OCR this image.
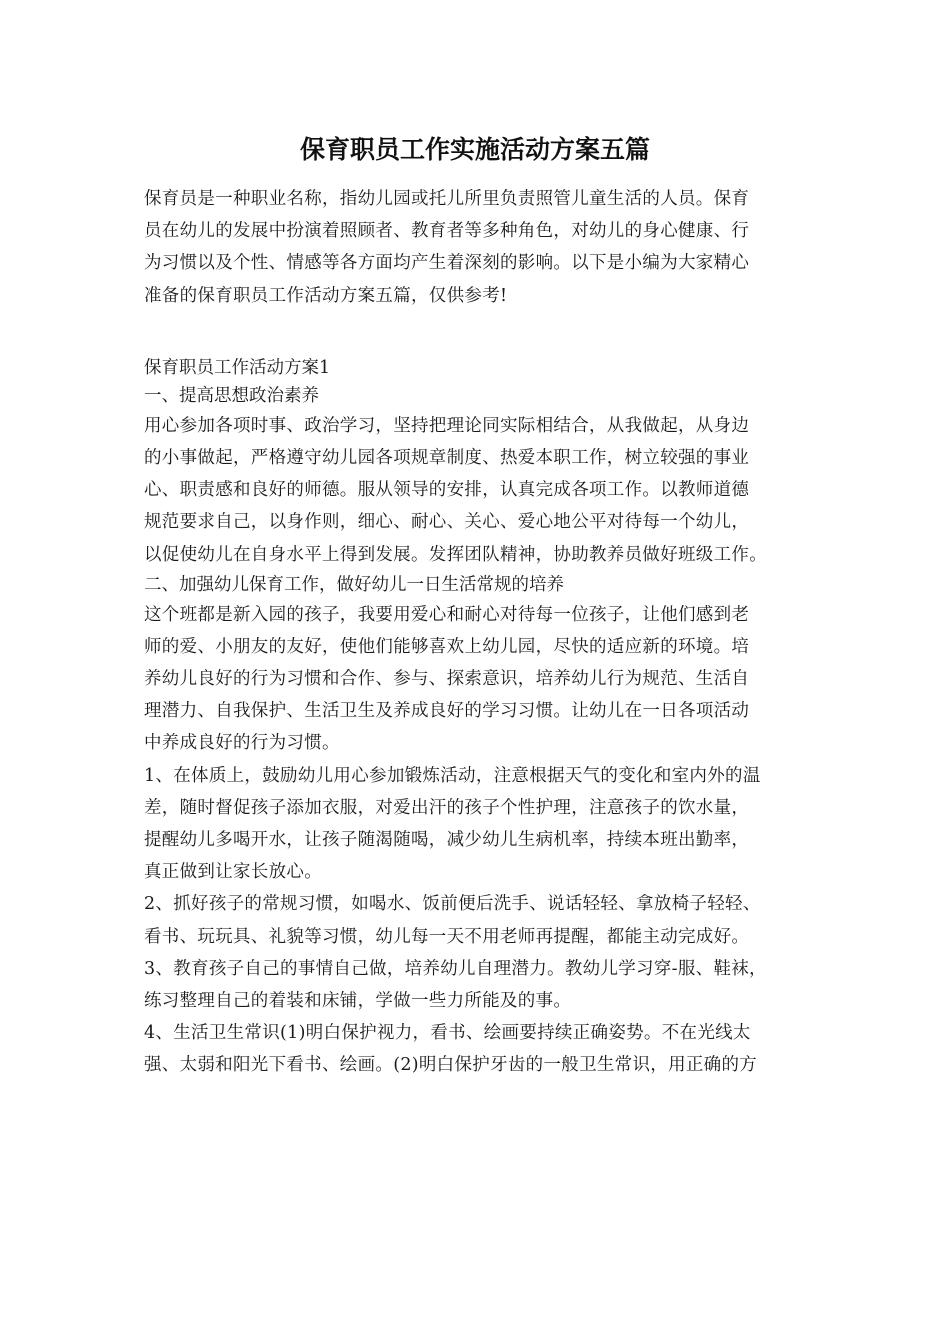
保育职员工作实施活动方案五篇
保育员是一种职业名称，指幼儿园或托儿所里负责照管儿童生活的人员。保育
员在幼儿的发展中扮演着照顾者、教育者等多种角色，对幼儿的身心健康、行
为习惯以及个性、情感等各方面均产生着深刻的影响。以下是小编为大家精心
准备的保育职员工作活动方案五篇，仅供参考!
保育职员工作活动方案1
一、提高思想政治素养
用心参加各项时事、政治学习，坚持把理论同实际相结合，从我做起，从身边
的小事做起，严格遵守幼儿园各项规章制度、热爱本职工作，树立较强的事业
心、职责感和良好的师德。服从领导的安排，认真完成各项工作。以教师道德
规范要求自己，以身作则，细心、耐心、关心、爱心地公平对待每一个幼儿，
以促使幼儿在自身水平上得到发展。发挥团队精神，协助教养员做好班级工作。
二、加强幼儿保育工作，做好幼儿一日生活常规的培养
这个班都是新入园的孩子，我要用爱心和耐心对待每一位孩子，让他们感到老
师的爱、小朋友的友好，使他们能够喜欢上幼儿园，尽快的适应新的环境。培
养幼儿良好的行为习惯和合作、参与、探索意识，培养幼儿行为规范、生活自
理潜力、自我保护、生活卫生及养成良好的学习习惯。让幼儿在一日各项活动
中养成良好的行为习惯。
1、在体质上，鼓励幼儿用心参加锻炼活动，注意根据天气的变化和室内外的温
差，随时督促孩子添加衣服，对爱出汗的孩子个性护理，注意孩子的饮水量，
提醒幼儿多喝开水，让孩子随渴随喝，减少幼儿生病机率，持续本班出勤率，
真正做到让家长放心。
2、抓好孩子的常规习惯，如喝水、饭前便后洗手、说话轻轻、拿放椅子轻轻、
看书、玩玩具、礼貌等习惯，幼儿每一天不用老师再提醒，都能主动完成好。
3、教育孩子自己的事情自己做，培养幼儿自理潜力。教幼儿学习穿-服、鞋袜，
练习整理自己的着装和床铺，学做一些力所能及的事。
4、生活卫生常识(1)明白保护视力，看书、绘画要持续正确姿势。不在光线太
强、太弱和阳光下看书、绘画。(2)明白保护牙齿的一般卫生常识，用正确的方
